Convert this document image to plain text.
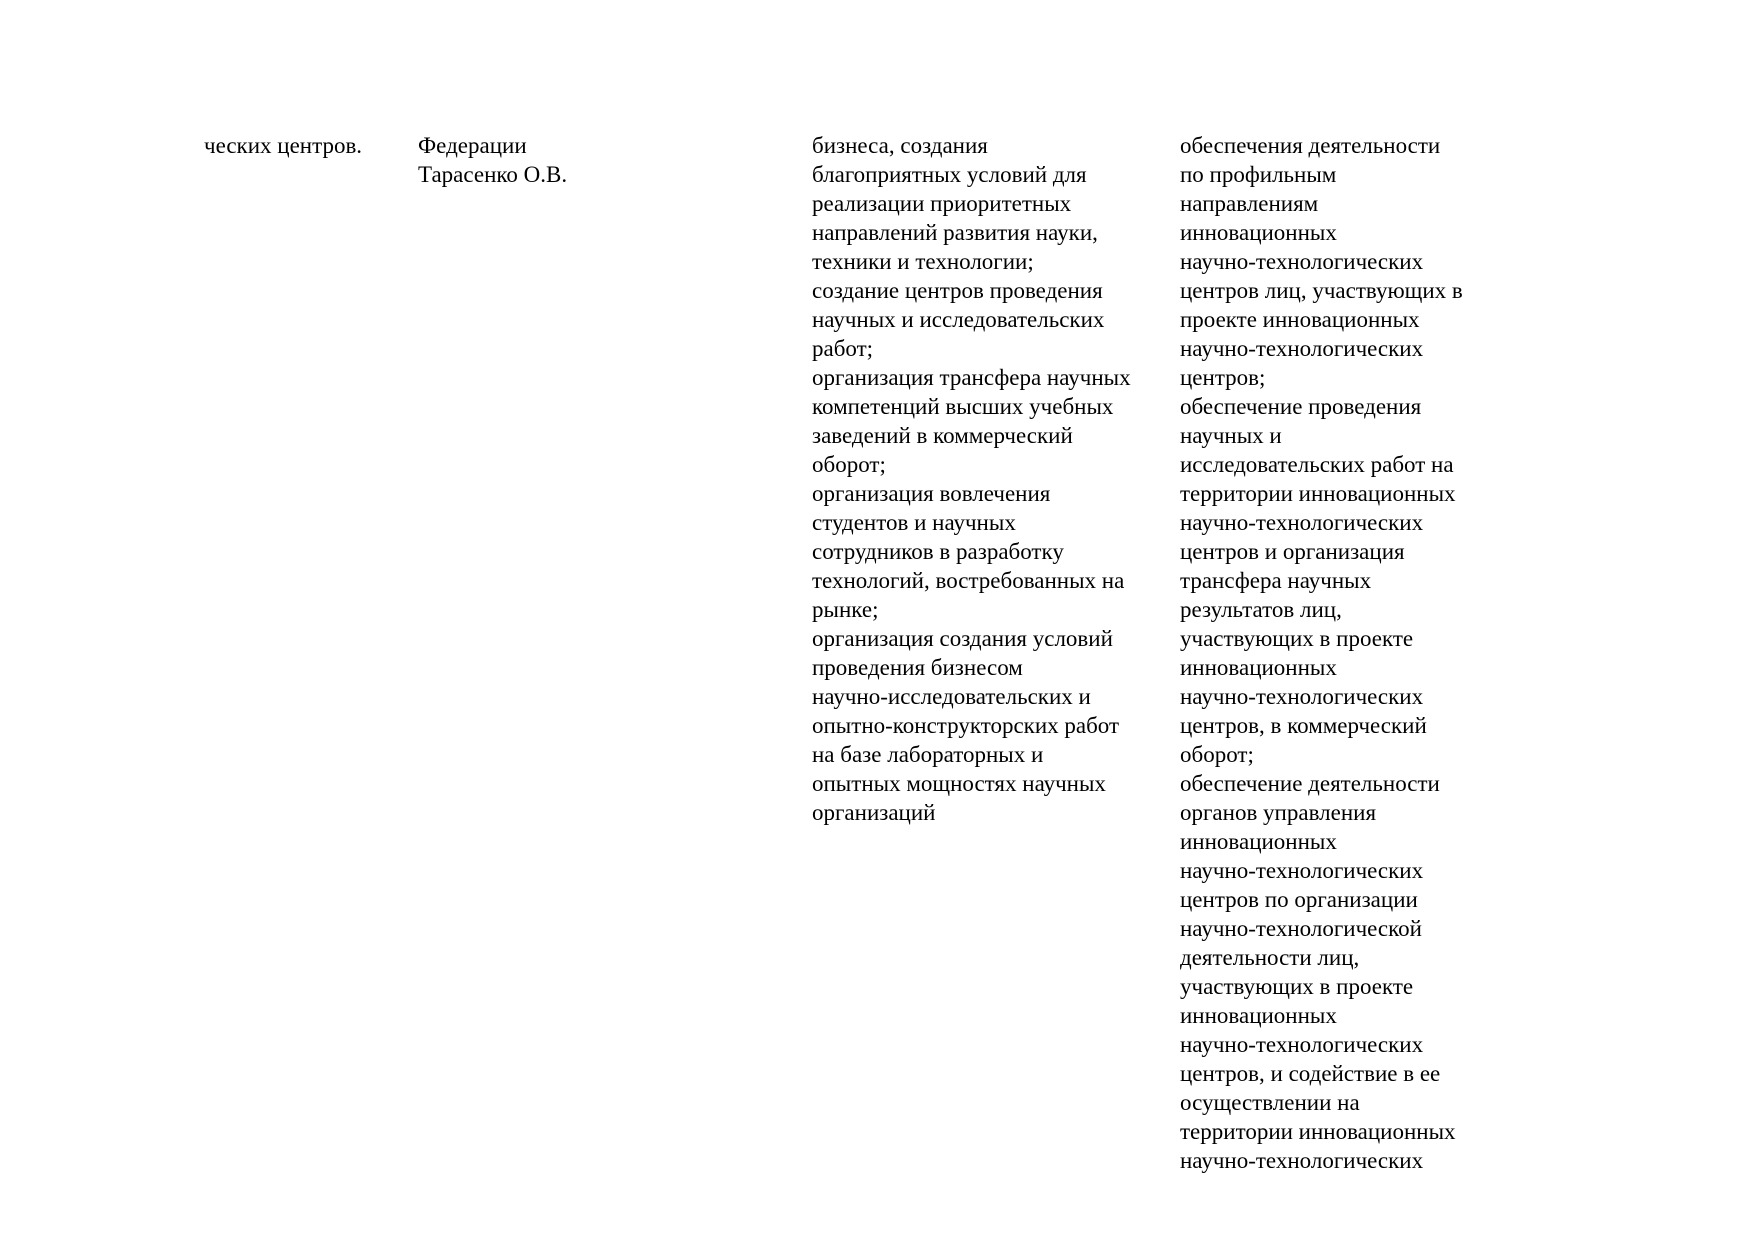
ческих центров. Федерации
Тарасенко О.В.
бизнеса, создания
благоприятных условий для
реализации приоритетных
направлений развития науки,
техники и технологии;
создание центров проведения
научных и исследовательских
работ;
организация трансфера научных
компетенций высших учебных
заведений в коммерческий
оборот;
организация вовлечения
студентов и научных
сотрудников в разработку
технологий, востребованных на
рынке;
организация создания условий
проведения бизнесом
научно-исследовательских и
опытно-конструкторских работ
на базе лабораторных и
опытных мощностях научных
организаций
обеспечения деятельности
по профильным
направлениям
инновационных
научно-технологических
центров лиц, участвующих в
проекте инновационных
научно-технологических
центров;
обеспечение проведения
научных и
исследовательских работ на
территории инновационных
научно-технологических
центров и организация
трансфера научных
результатов лиц,
участвующих в проекте
инновационных
научно-технологических
центров, в коммерческий
оборот;
обеспечение деятельности
органов управления
инновационных
научно-технологических
центров по организации
научно-технологической
деятельности лиц,
участвующих в проекте
инновационных
научно-технологических
центров, и содействие в ее
осуществлении на
территории инновационных
научно-технологических
